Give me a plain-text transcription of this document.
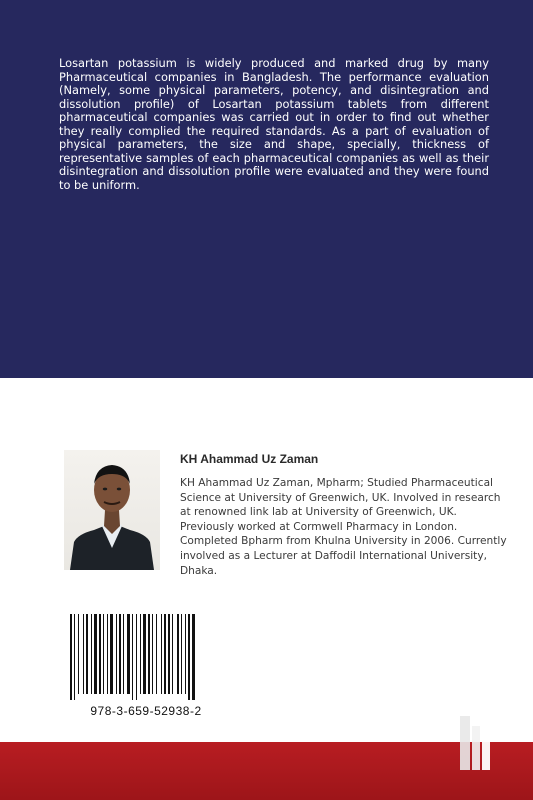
Losartan potassium is widely produced and marked drug by many Pharmaceutical companies in Bangladesh. The performance evaluation (Namely, some physical parameters, potency, and disintegration and dissolution profile) of Losartan potassium tablets from different pharmaceutical companies was carried out in order to find out whether they really complied the required standards. As a part of evaluation of physical parameters, the size and shape, specially, thickness of representative samples of each pharmaceutical companies as well as their disintegration and dissolution profile were evaluated and they were found to be uniform.

KH Ahammad Uz Zaman

KH Ahammad Uz Zaman, Mpharm; Studied Pharmaceutical Science at University of Greenwich, UK. Involved in research at renowned link lab at University of Greenwich, UK. Previously worked at Cormwell Pharmacy in London. Completed Bpharm from Khulna University in 2006. Currently involved as a Lecturer at Daffodil International University, Dhaka.

978-3-659-52938-2
